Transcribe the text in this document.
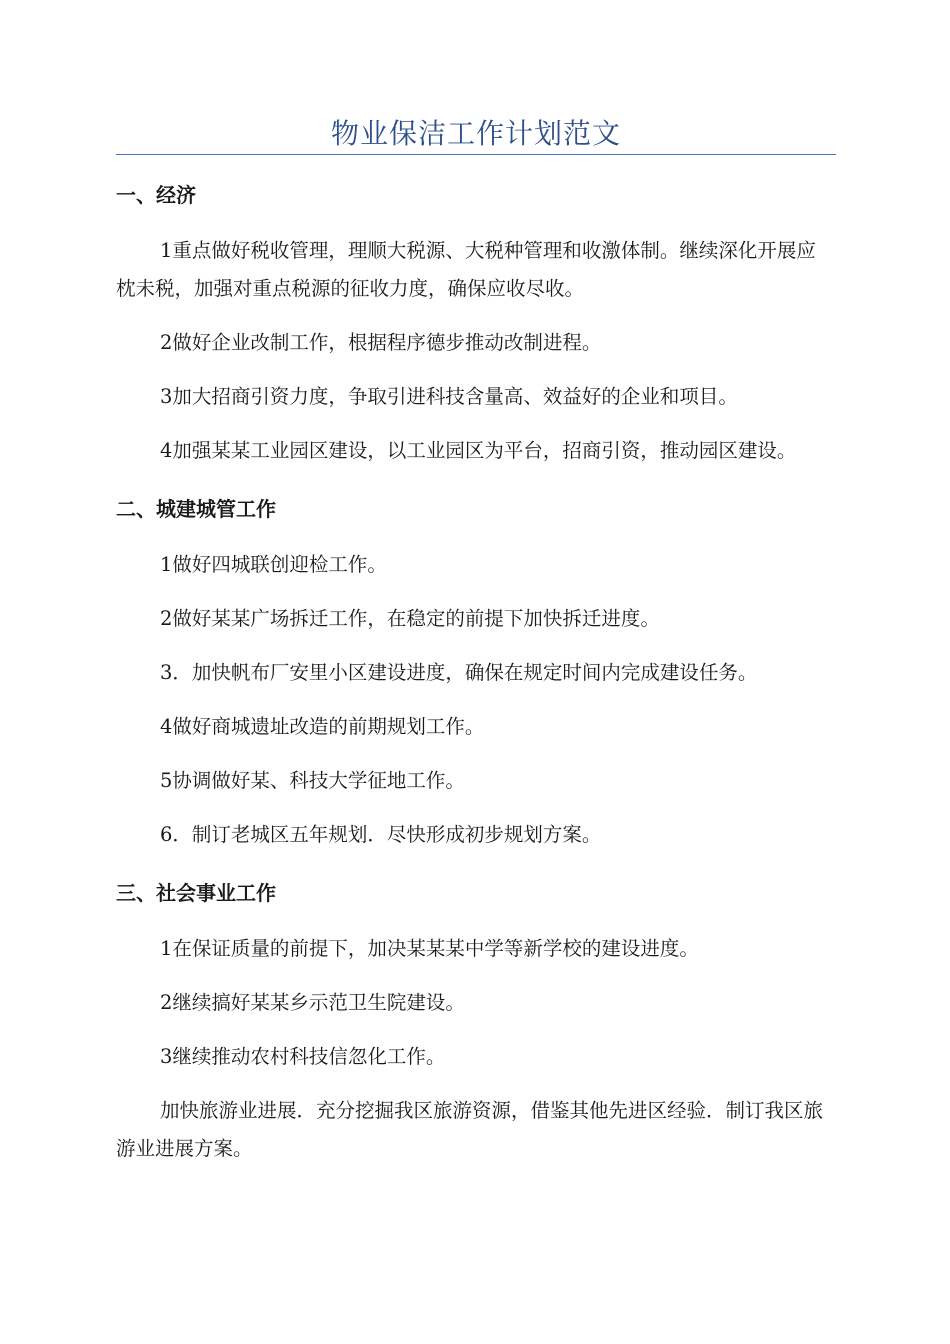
物业保洁工作计划范文
一、经济
1重点做好税收管理，理顺大税源、大税种管理和收激体制。继续深化开展应枕未税，加强对重点税源的征收力度，确保应收尽收。
2做好企业改制工作，根据程序德步推动改制进程。
3加大招商引资力度，争取引进科技含量高、效益好的企业和项目。
4加强某某工业园区建设，以工业园区为平台，招商引资，推动园区建设。
二、城建城管工作
1做好四城联创迎检工作。
2做好某某广场拆迁工作，在稳定的前提下加快拆迁进度。
3．加快帆布厂安里小区建设进度，确保在规定时间内完成建设任务。
4做好商城遗址改造的前期规划工作。
5协调做好某、科技大学征地工作。
6．制订老城区五年规划．尽快形成初步规划方案。
三、社会事业工作
1在保证质量的前提下，加决某某某中学等新学校的建设进度。
2继续搞好某某乡示范卫生院建设。
3继续推动农村科技信忽化工作。
加快旅游业进展．充分挖掘我区旅游资源，借鉴其他先进区经验．制订我区旅游业进展方案。
